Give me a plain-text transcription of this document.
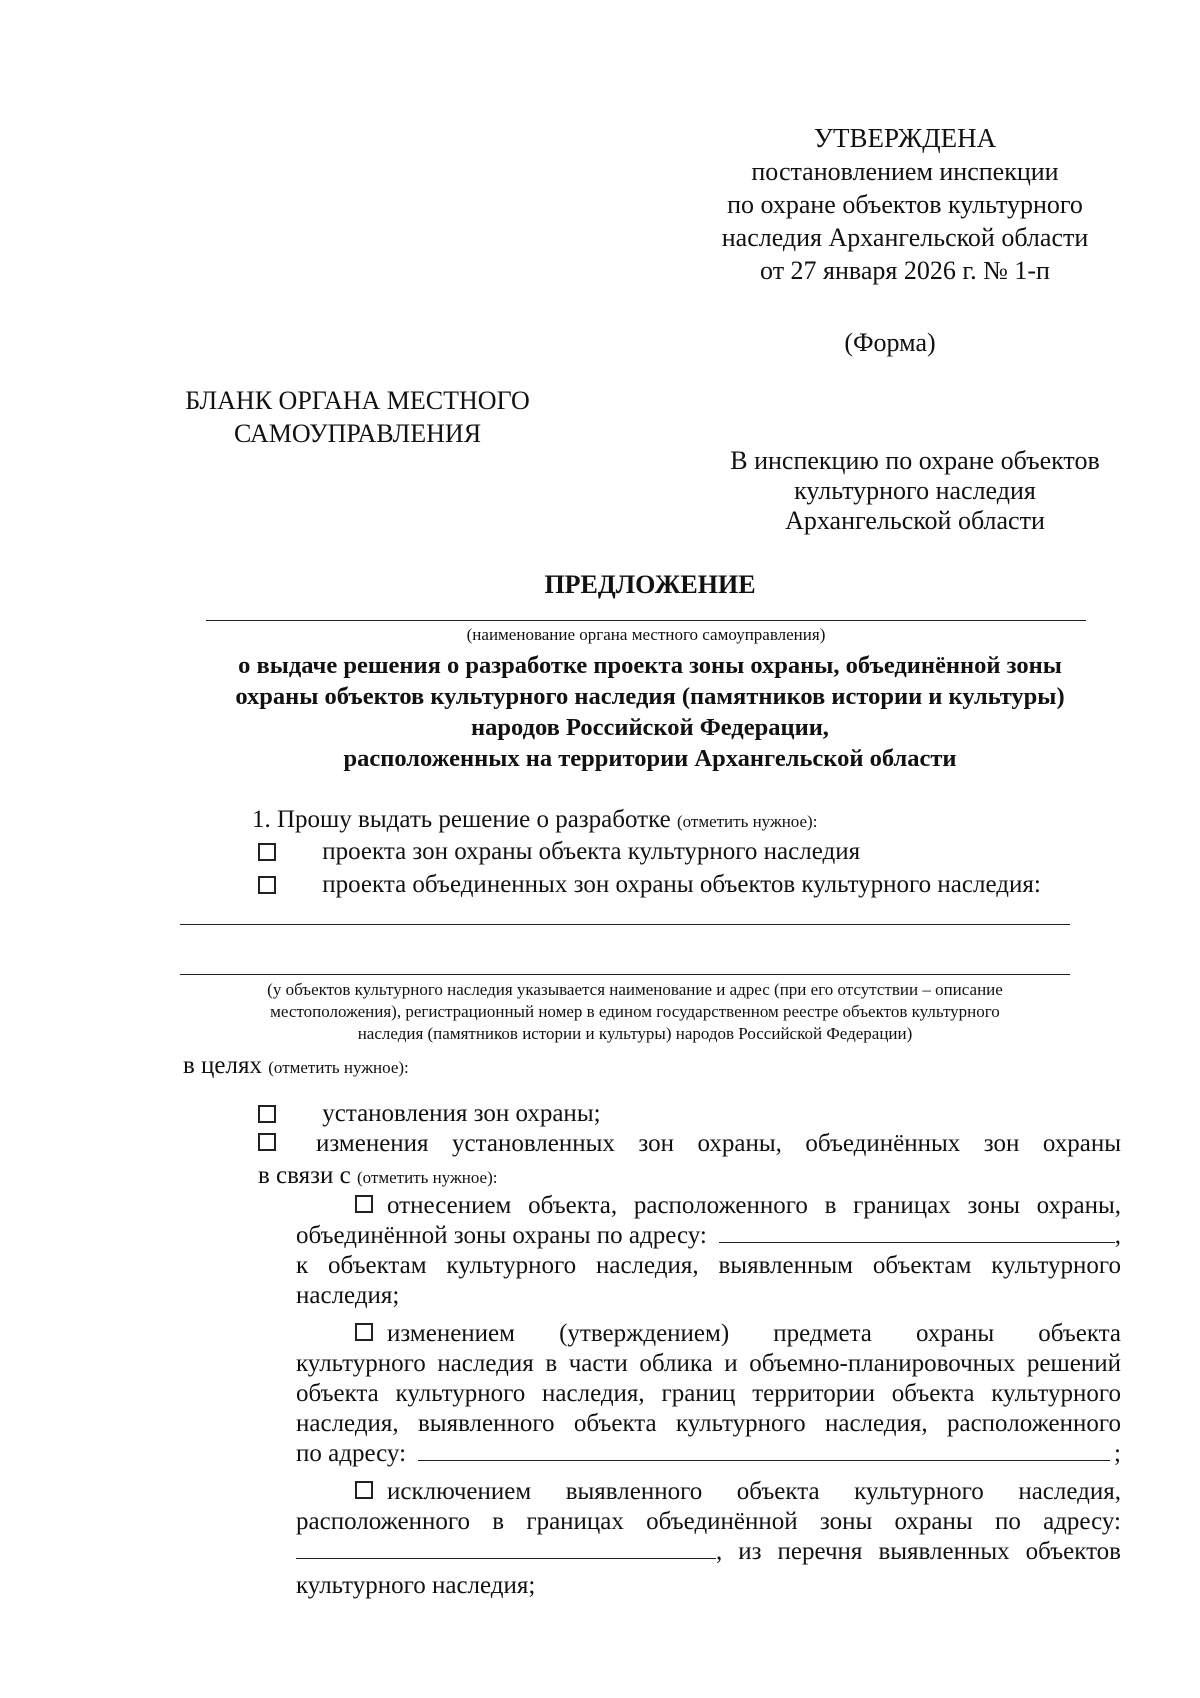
УТВЕРЖДЕНА
постановлением инспекции
по охране объектов культурного
наследия Архангельской области
от 27 января 2026 г. № 1-п
(Форма)
БЛАНК ОРГАНА МЕСТНОГО
САМОУПРАВЛЕНИЯ
В инспекцию по охране объектов
культурного наследия
Архангельской области
ПРЕДЛОЖЕНИЕ
(наименование органа местного самоуправления)
о выдаче решения о разработке проекта зоны охраны, объединённой зоны
охраны объектов культурного наследия (памятников истории и культуры)
народов Российской Федерации,
расположенных на территории Архангельской области
1. Прошу выдать решение о разработке (отметить нужное):
проекта зон охраны объекта культурного наследия
проекта объединенных зон охраны объектов культурного наследия:
(у объектов культурного наследия указывается наименование и адрес (при его отсутствии – описание
местоположения), регистрационный номер в едином государственном реестре объектов культурного
наследия (памятников истории и культуры) народов Российской Федерации)
в целях (отметить нужное):
установления зон охраны;
изменения установленных зон охраны, объединённых зон охраны
в связи с (отметить нужное):
отнесением объекта, расположенного в границах зоны охраны,
объединённой зоны охраны по адресу:	,
к объектам культурного наследия, выявленным объектам культурного
наследия;
изменением (утверждением) предмета охраны объекта
культурного наследия в части облика и объемно-планировочных решений
объекта культурного наследия, границ территории объекта культурного
наследия, выявленного объекта культурного наследия, расположенного
по адресу:	;
исключением выявленного объекта культурного наследия,
расположенного в границах объединённой зоны охраны по адресу:
, из перечня выявленных объектов
культурного наследия;
